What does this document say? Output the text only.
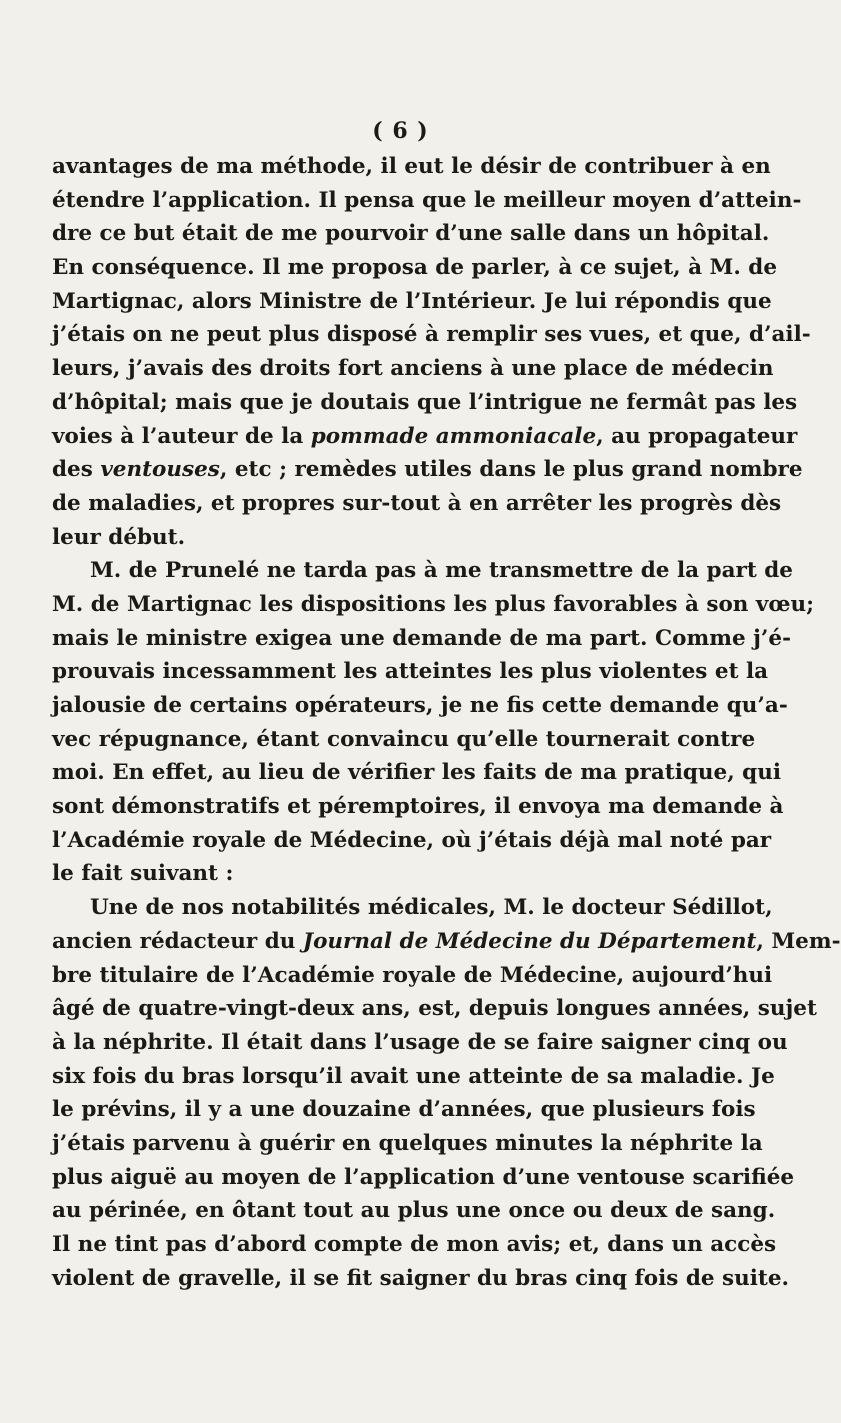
( 6 )
avantages de ma méthode, il eut le désir de contribuer à en
étendre l’application. Il pensa que le meilleur moyen d’attein-
dre ce but était de me pourvoir d’une salle dans un hôpital.
En conséquence. Il me proposa de parler, à ce sujet, à M. de
Martignac, alors Ministre de l’Intérieur. Je lui répondis que
j’étais on ne peut plus disposé à remplir ses vues, et que, d’ail-
leurs, j’avais des droits fort anciens à une place de médecin
d’hôpital; mais que je doutais que l’intrigue ne fermât pas les
voies à l’auteur de la pommade ammoniacale, au propagateur
des ventouses, etc ; remèdes utiles dans le plus grand nombre
de maladies, et propres sur-tout à en arrêter les progrès dès
leur début.
M. de Prunelé ne tarda pas à me transmettre de la part de
M. de Martignac les dispositions les plus favorables à son vœu;
mais le ministre exigea une demande de ma part. Comme j’é-
prouvais incessamment les atteintes les plus violentes et la
jalousie de certains opérateurs, je ne fis cette demande qu’a-
vec répugnance, étant convaincu qu’elle tournerait contre
moi. En effet, au lieu de vérifier les faits de ma pratique, qui
sont démonstratifs et péremptoires, il envoya ma demande à
l’Académie royale de Médecine, où j’étais déjà mal noté par
le fait suivant :
Une de nos notabilités médicales, M. le docteur Sédillot,
ancien rédacteur du Journal de Médecine du Département, Mem-
bre titulaire de l’Académie royale de Médecine, aujourd’hui
âgé de quatre-vingt-deux ans, est, depuis longues années, sujet
à la néphrite. Il était dans l’usage de se faire saigner cinq ou
six fois du bras lorsqu’il avait une atteinte de sa maladie. Je
le prévins, il y a une douzaine d’années, que plusieurs fois
j’étais parvenu à guérir en quelques minutes la néphrite la
plus aiguë au moyen de l’application d’une ventouse scarifiée
au périnée, en ôtant tout au plus une once ou deux de sang.
Il ne tint pas d’abord compte de mon avis; et, dans un accès
violent de gravelle, il se fit saigner du bras cinq fois de suite.
